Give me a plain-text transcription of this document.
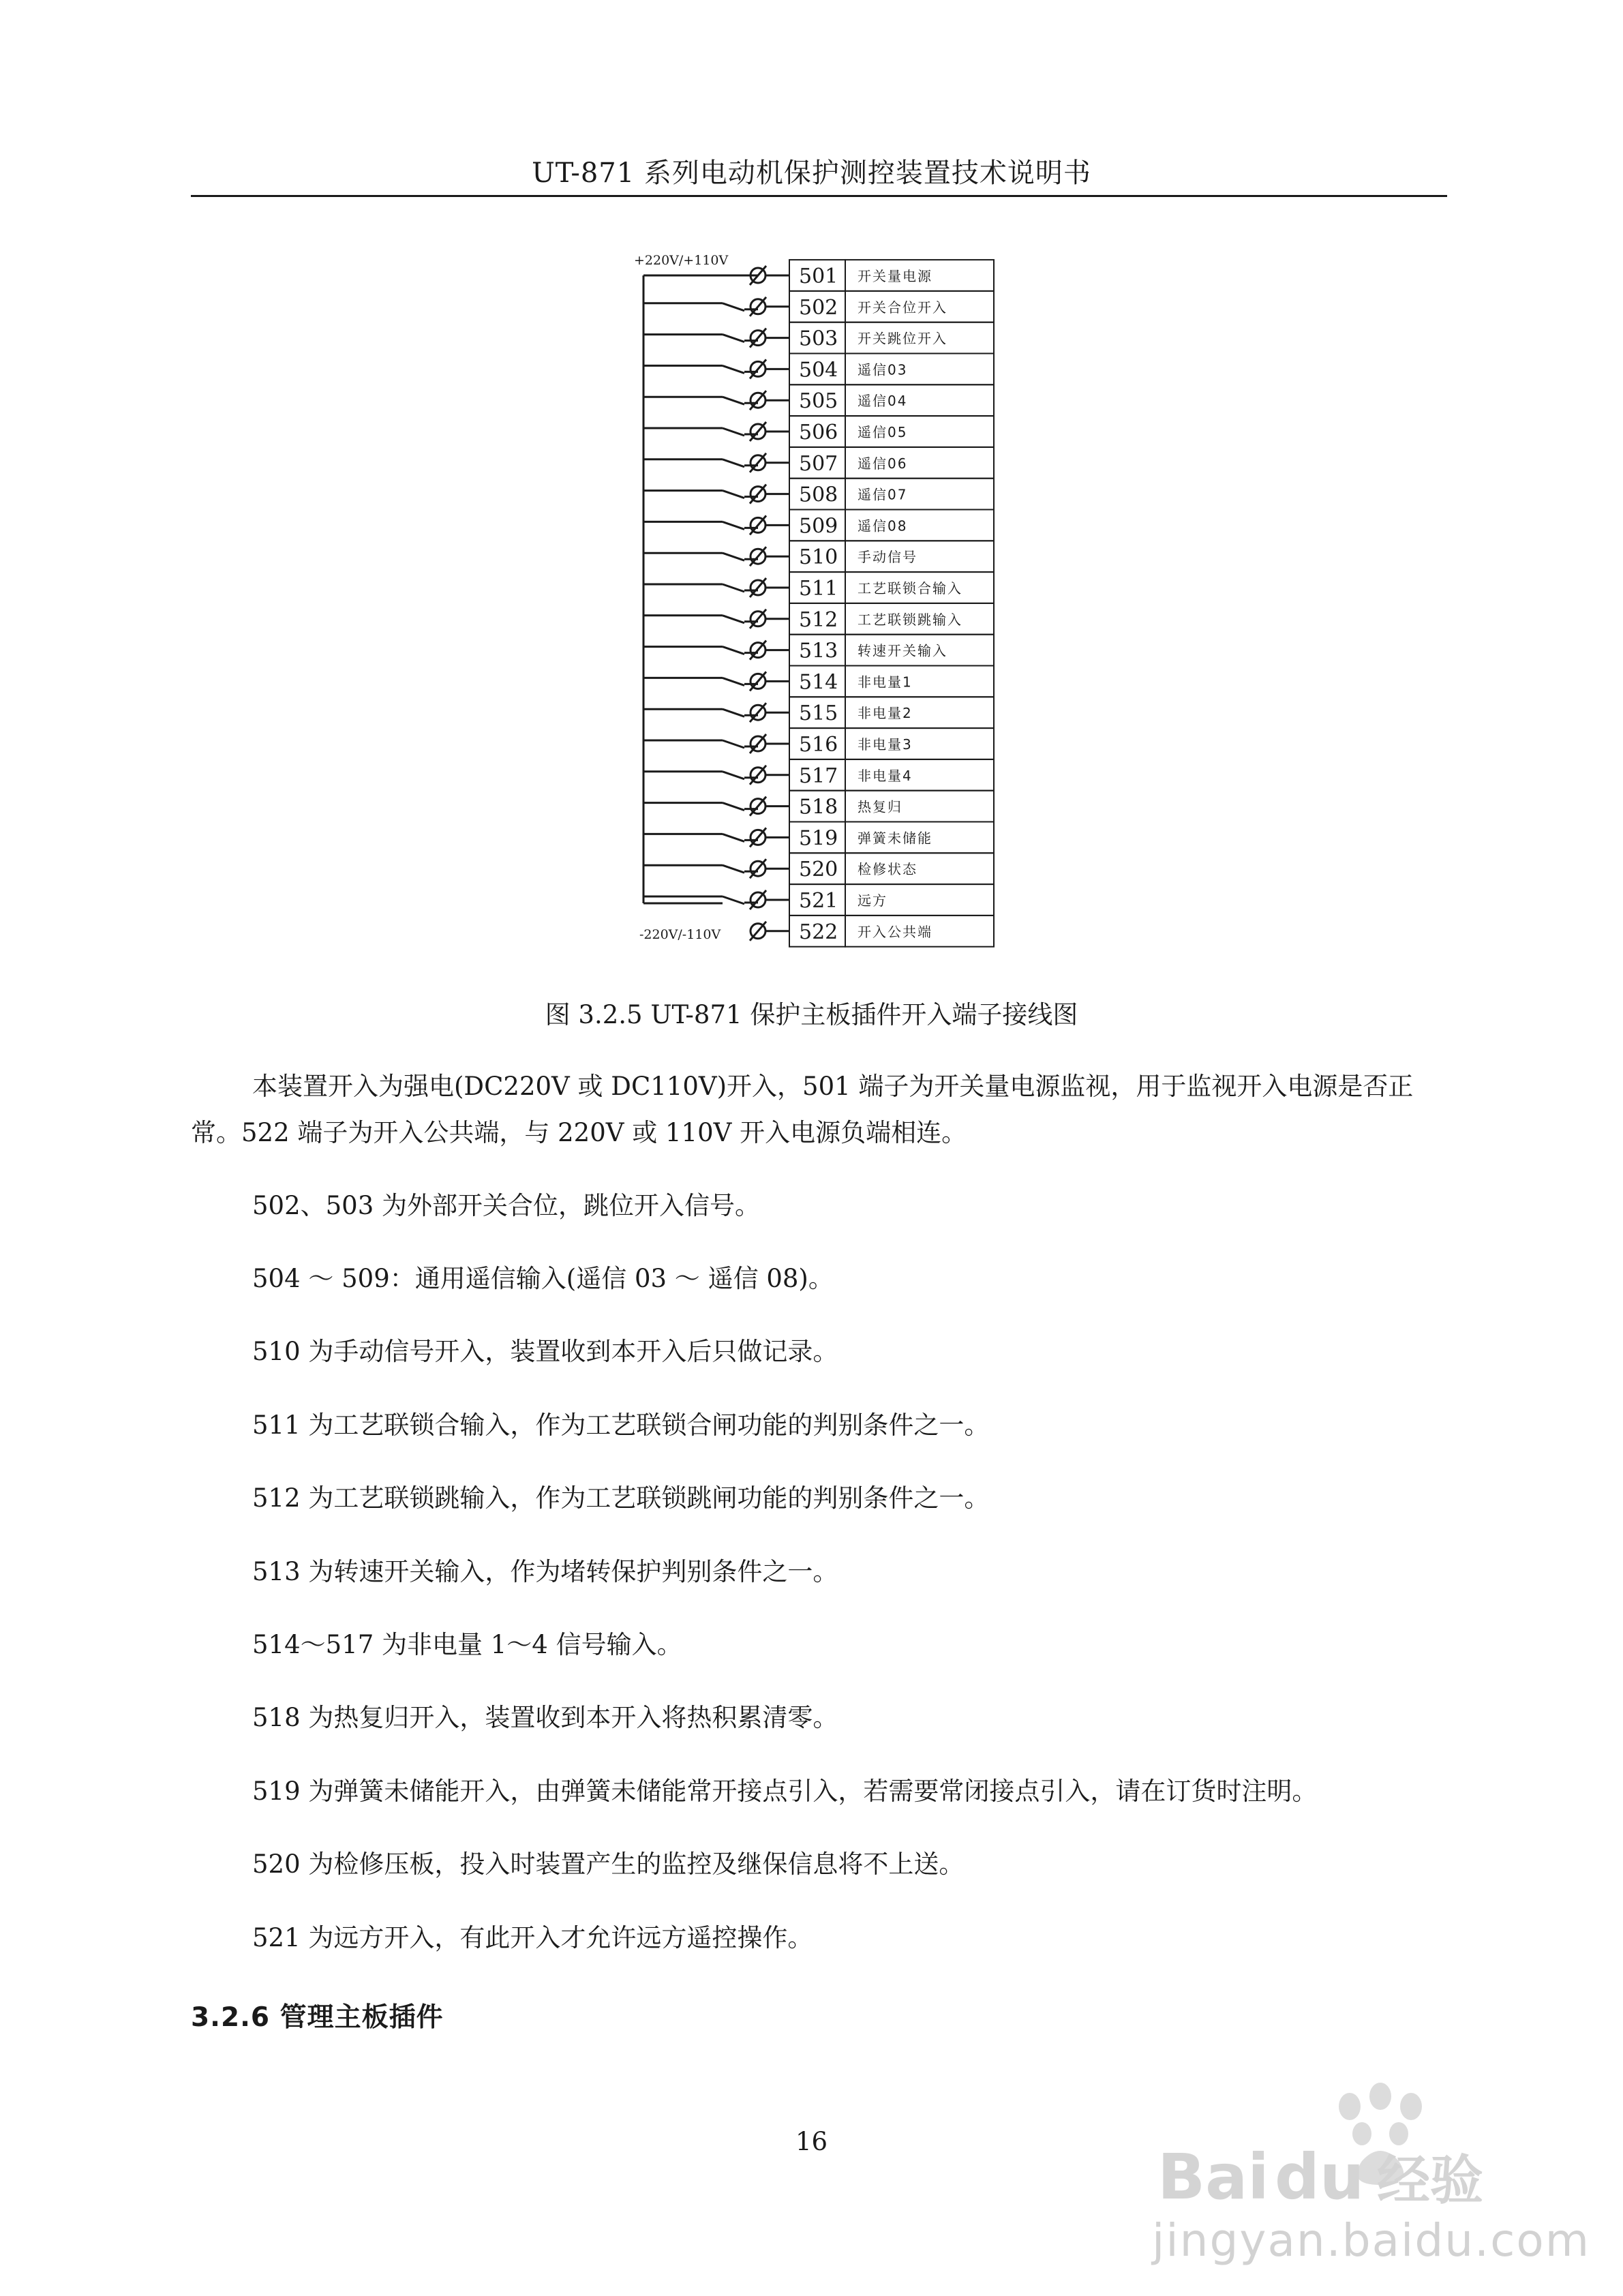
UT-871 系列电动机保护测控装置技术说明书
+220V/+110V
501 开关量电源
502 开关合位开入
503 开关跳位开入
504 遥信03
505 遥信04
506 遥信05
507 遥信06
508 遥信07
509 遥信08
510 手动信号
511 工艺联锁合输入
512 工艺联锁跳输入
513 转速开关输入
514 非电量1
515 非电量2
516 非电量3
517 非电量4
518 热复归
519 弹簧未储能
520 检修状态
521 远方
522 开入公共端
-220V/-110V
图 3.2.5 UT-871 保护主板插件开入端子接线图

本装置开入为强电(DC220V 或 DC110V)开入，501 端子为开关量电源监视，用于监视开入电源是否正常。522 端子为开入公共端，与 220V 或 110V 开入电源负端相连。

502、503 为外部开关合位，跳位开入信号。
504 ～ 509：通用遥信输入(遥信 03 ～ 遥信 08)。
510 为手动信号开入，装置收到本开入后只做记录。
511 为工艺联锁合输入，作为工艺联锁合闸功能的判别条件之一。
512 为工艺联锁跳输入，作为工艺联锁跳闸功能的判别条件之一。
513 为转速开关输入，作为堵转保护判别条件之一。
514～517 为非电量 1～4 信号输入。
518 为热复归开入，装置收到本开入将热积累清零。
519 为弹簧未储能开入，由弹簧未储能常开接点引入，若需要常闭接点引入，请在订货时注明。
520 为检修压板，投入时装置产生的监控及继保信息将不上送。
521 为远方开入，有此开入才允许远方遥控操作。
3.2.6 管理主板插件
16	Bai du 经验
jingyan.baidu.com
